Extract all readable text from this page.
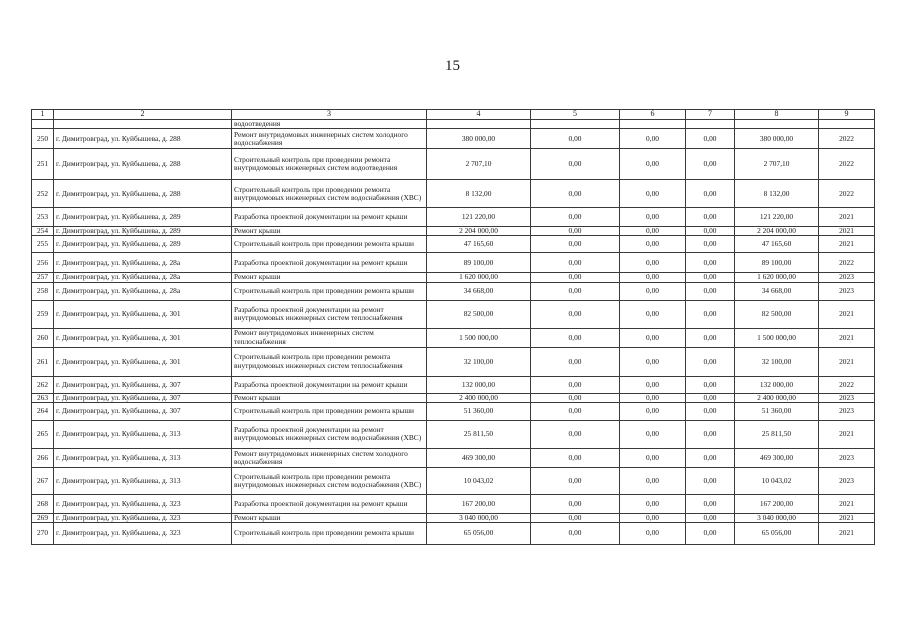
15
1	2	3	4	5	6	7	8	9
		водоотведения						
250	г. Димитровград, ул. Куйбышева, д. 288	Ремонт внутридомовых инженерных систем холодного водоснабжения	380 000,00	0,00	0,00	0,00	380 000,00	2022
251	г. Димитровград, ул. Куйбышева, д. 288	Строительный контроль при проведении ремонта внутридомовых инженерных систем водоотведения	2 707,10	0,00	0,00	0,00	2 707,10	2022
252	г. Димитровград, ул. Куйбышева, д. 288	Строительный контроль при проведении ремонта внутридомовых инженерных систем водоснабжения (ХВС)	8 132,00	0,00	0,00	0,00	8 132,00	2022
253	г. Димитровград, ул. Куйбышева, д. 289	Разработка проектной документации на ремонт крыши	121 220,00	0,00	0,00	0,00	121 220,00	2021
254	г. Димитровград, ул. Куйбышева, д. 289	Ремонт крыши	2 204 000,00	0,00	0,00	0,00	2 204 000,00	2021
255	г. Димитровград, ул. Куйбышева, д. 289	Строительный контроль при проведении ремонта крыши	47 165,60	0,00	0,00	0,00	47 165,60	2021
256	г. Димитровград, ул. Куйбышева, д. 28а	Разработка проектной документации на ремонт крыши	89 100,00	0,00	0,00	0,00	89 100,00	2022
257	г. Димитровград, ул. Куйбышева, д. 28а	Ремонт крыши	1 620 000,00	0,00	0,00	0,00	1 620 000,00	2023
258	г. Димитровград, ул. Куйбышева, д. 28а	Строительный контроль при проведении ремонта крыши	34 668,00	0,00	0,00	0,00	34 668,00	2023
259	г. Димитровград, ул. Куйбышева, д. 301	Разработка проектной документации на ремонт внутридомовых инженерных систем теплоснабжения	82 500,00	0,00	0,00	0,00	82 500,00	2021
260	г. Димитровград, ул. Куйбышева, д. 301	Ремонт внутридомовых инженерных систем теплоснабжения	1 500 000,00	0,00	0,00	0,00	1 500 000,00	2021
261	г. Димитровград, ул. Куйбышева, д. 301	Строительный контроль при проведении ремонта внутридомовых инженерных систем теплоснабжения	32 100,00	0,00	0,00	0,00	32 100,00	2021
262	г. Димитровград, ул. Куйбышева, д. 307	Разработка проектной документации на ремонт крыши	132 000,00	0,00	0,00	0,00	132 000,00	2022
263	г. Димитровград, ул. Куйбышева, д. 307	Ремонт крыши	2 400 000,00	0,00	0,00	0,00	2 400 000,00	2023
264	г. Димитровград, ул. Куйбышева, д. 307	Строительный контроль при проведении ремонта крыши	51 360,00	0,00	0,00	0,00	51 360,00	2023
265	г. Димитровград, ул. Куйбышева, д. 313	Разработка проектной документации на ремонт внутридомовых инженерных систем водоснабжения (ХВС)	25 811,50	0,00	0,00	0,00	25 811,50	2021
266	г. Димитровград, ул. Куйбышева, д. 313	Ремонт внутридомовых инженерных систем холодного водоснабжения	469 300,00	0,00	0,00	0,00	469 300,00	2023
267	г. Димитровград, ул. Куйбышева, д. 313	Строительный контроль при проведении ремонта внутридомовых инженерных систем водоснабжения (ХВС)	10 043,02	0,00	0,00	0,00	10 043,02	2023
268	г. Димитровград, ул. Куйбышева, д. 323	Разработка проектной документации на ремонт крыши	167 200,00	0,00	0,00	0,00	167 200,00	2021
269	г. Димитровград, ул. Куйбышева, д. 323	Ремонт крыши	3 040 000,00	0,00	0,00	0,00	3 040 000,00	2021
270	г. Димитровград, ул. Куйбышева, д. 323	Строительный контроль при проведении ремонта крыши	65 056,00	0,00	0,00	0,00	65 056,00	2021
